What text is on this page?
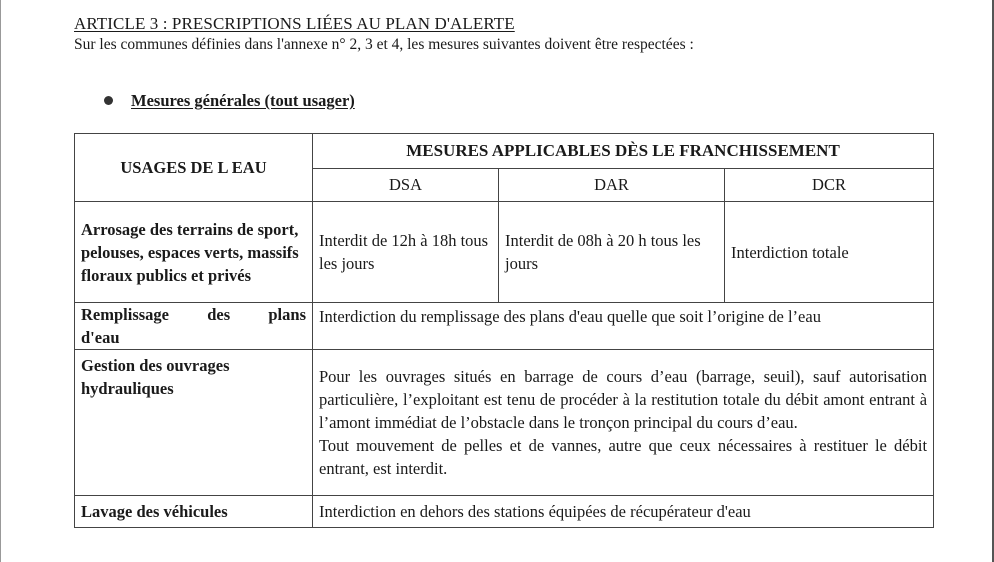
ARTICLE 3 : PRESCRIPTIONS LIÉES AU PLAN D'ALERTE
Sur les communes définies dans l'annexe n° 2, 3 et 4, les mesures suivantes doivent être respectées :
Mesures générales (tout usager)
USAGES DE L EAU	MESURES APPLICABLES DÈS LE FRANCHISSEMENT		
	DSA	DAR	DCR
Arrosage des terrains de sport, pelouses, espaces verts, massifs floraux publics et privés	Interdit de 12h à 18h tous les jours	Interdit de 08h à 20 h tous les jours	Interdiction totale

Remplissage des plans
d'eau	Interdiction du remplissage des plans d'eau quelle que soit l’origine de l’eau		
Gestion des ouvrages hydrauliques	Pour les ouvrages situés en barrage de cours d’eau (barrage, seuil), sauf autorisation particulière, l’exploitant est tenu de procéder à la restitution totale du débit amont entrant à l’amont immédiat de l’obstacle dans le tronçon principal du cours d’eau.
Tout mouvement de pelles et de vannes, autre que ceux nécessaires à restituer le débit entrant, est interdit.		

Lavage des véhicules	Interdiction en dehors des stations équipées de récupérateur d'eau		
